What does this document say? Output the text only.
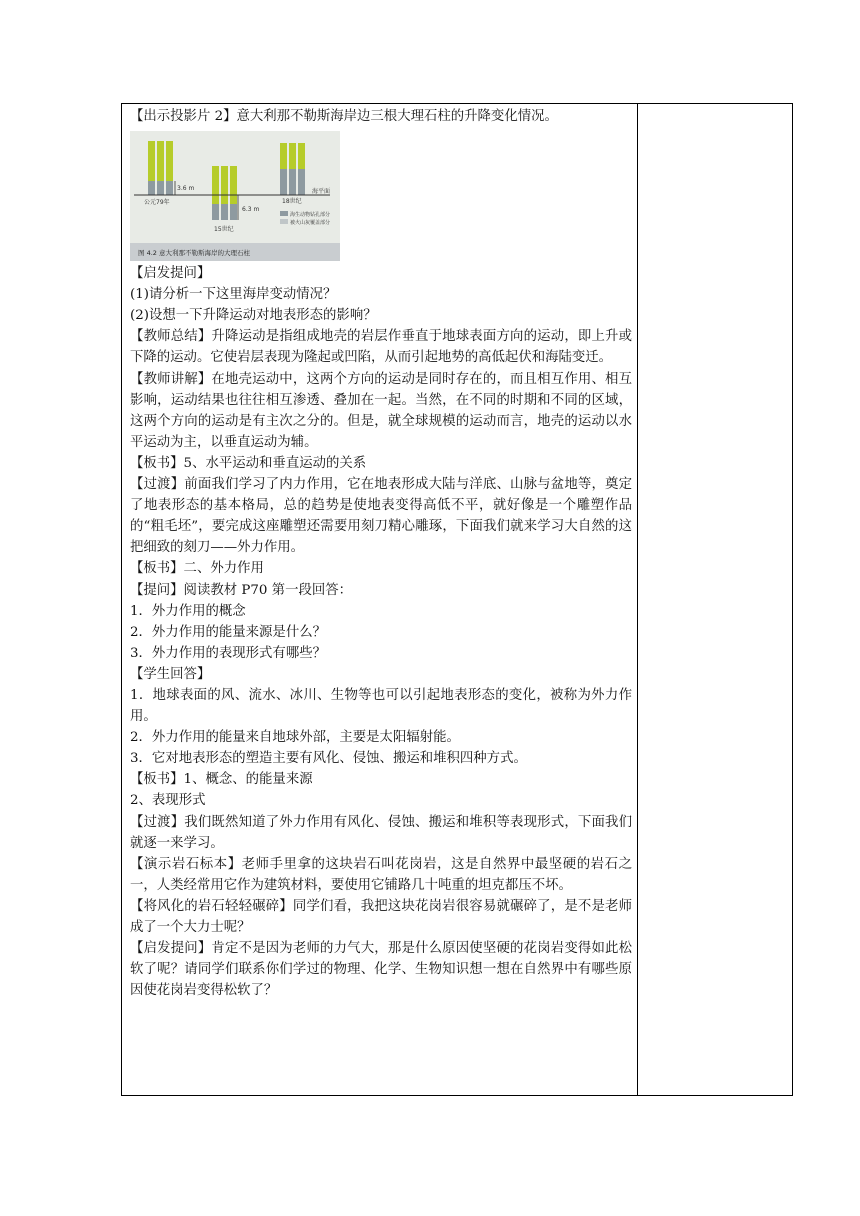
【出示投影片 2】意大利那不勒斯海岸边三根大理石柱的升降变化情况。

3.6 m
公元79年
6.3 m
海平面
15世纪
18世纪
海生动物钻孔部分
被火山灰覆盖部分
图 4.2 意大利那不勒斯海岸的大理石柱

【启发提问】

(1)请分析一下这里海岸变动情况？

(2)设想一下升降运动对地表形态的影响？

【教师总结】升降运动是指组成地壳的岩层作垂直于地球表面方向的运动，即上升或下降的运动。它使岩层表现为隆起或凹陷，从而引起地势的高低起伏和海陆变迁。

【教师讲解】在地壳运动中，这两个方向的运动是同时存在的，而且相互作用、相互影响，运动结果也往往相互渗透、叠加在一起。当然，在不同的时期和不同的区域，这两个方向的运动是有主次之分的。但是，就全球规模的运动而言，地壳的运动以水平运动为主，以垂直运动为辅。

【板书】5、水平运动和垂直运动的关系

【过渡】前面我们学习了内力作用，它在地表形成大陆与洋底、山脉与盆地等，奠定了地表形态的基本格局，总的趋势是使地表变得高低不平，就好像是一个雕塑作品的“粗毛坯”，要完成这座雕塑还需要用刻刀精心雕琢，下面我们就来学习大自然的这把细致的刻刀——外力作用。

【板书】二、外力作用

【提问】阅读教材 P70 第一段回答：

1．外力作用的概念

2．外力作用的能量来源是什么？

3．外力作用的表现形式有哪些？

【学生回答】

1．地球表面的风、流水、冰川、生物等也可以引起地表形态的变化，被称为外力作用。

2．外力作用的能量来自地球外部，主要是太阳辐射能。

3．它对地表形态的塑造主要有风化、侵蚀、搬运和堆积四种方式。

【板书】1、概念、的能量来源

2、表现形式

【过渡】我们既然知道了外力作用有风化、侵蚀、搬运和堆积等表现形式，下面我们就逐一来学习。

【演示岩石标本】老师手里拿的这块岩石叫花岗岩，这是自然界中最坚硬的岩石之一，人类经常用它作为建筑材料，要使用它铺路几十吨重的坦克都压不坏。

【将风化的岩石轻轻碾碎】同学们看，我把这块花岗岩很容易就碾碎了，是不是老师成了一个大力士呢？

【启发提问】肯定不是因为老师的力气大，那是什么原因使坚硬的花岗岩变得如此松软了呢？请同学们联系你们学过的物理、化学、生物知识想一想在自然界中有哪些原因使花岗岩变得松软了？
